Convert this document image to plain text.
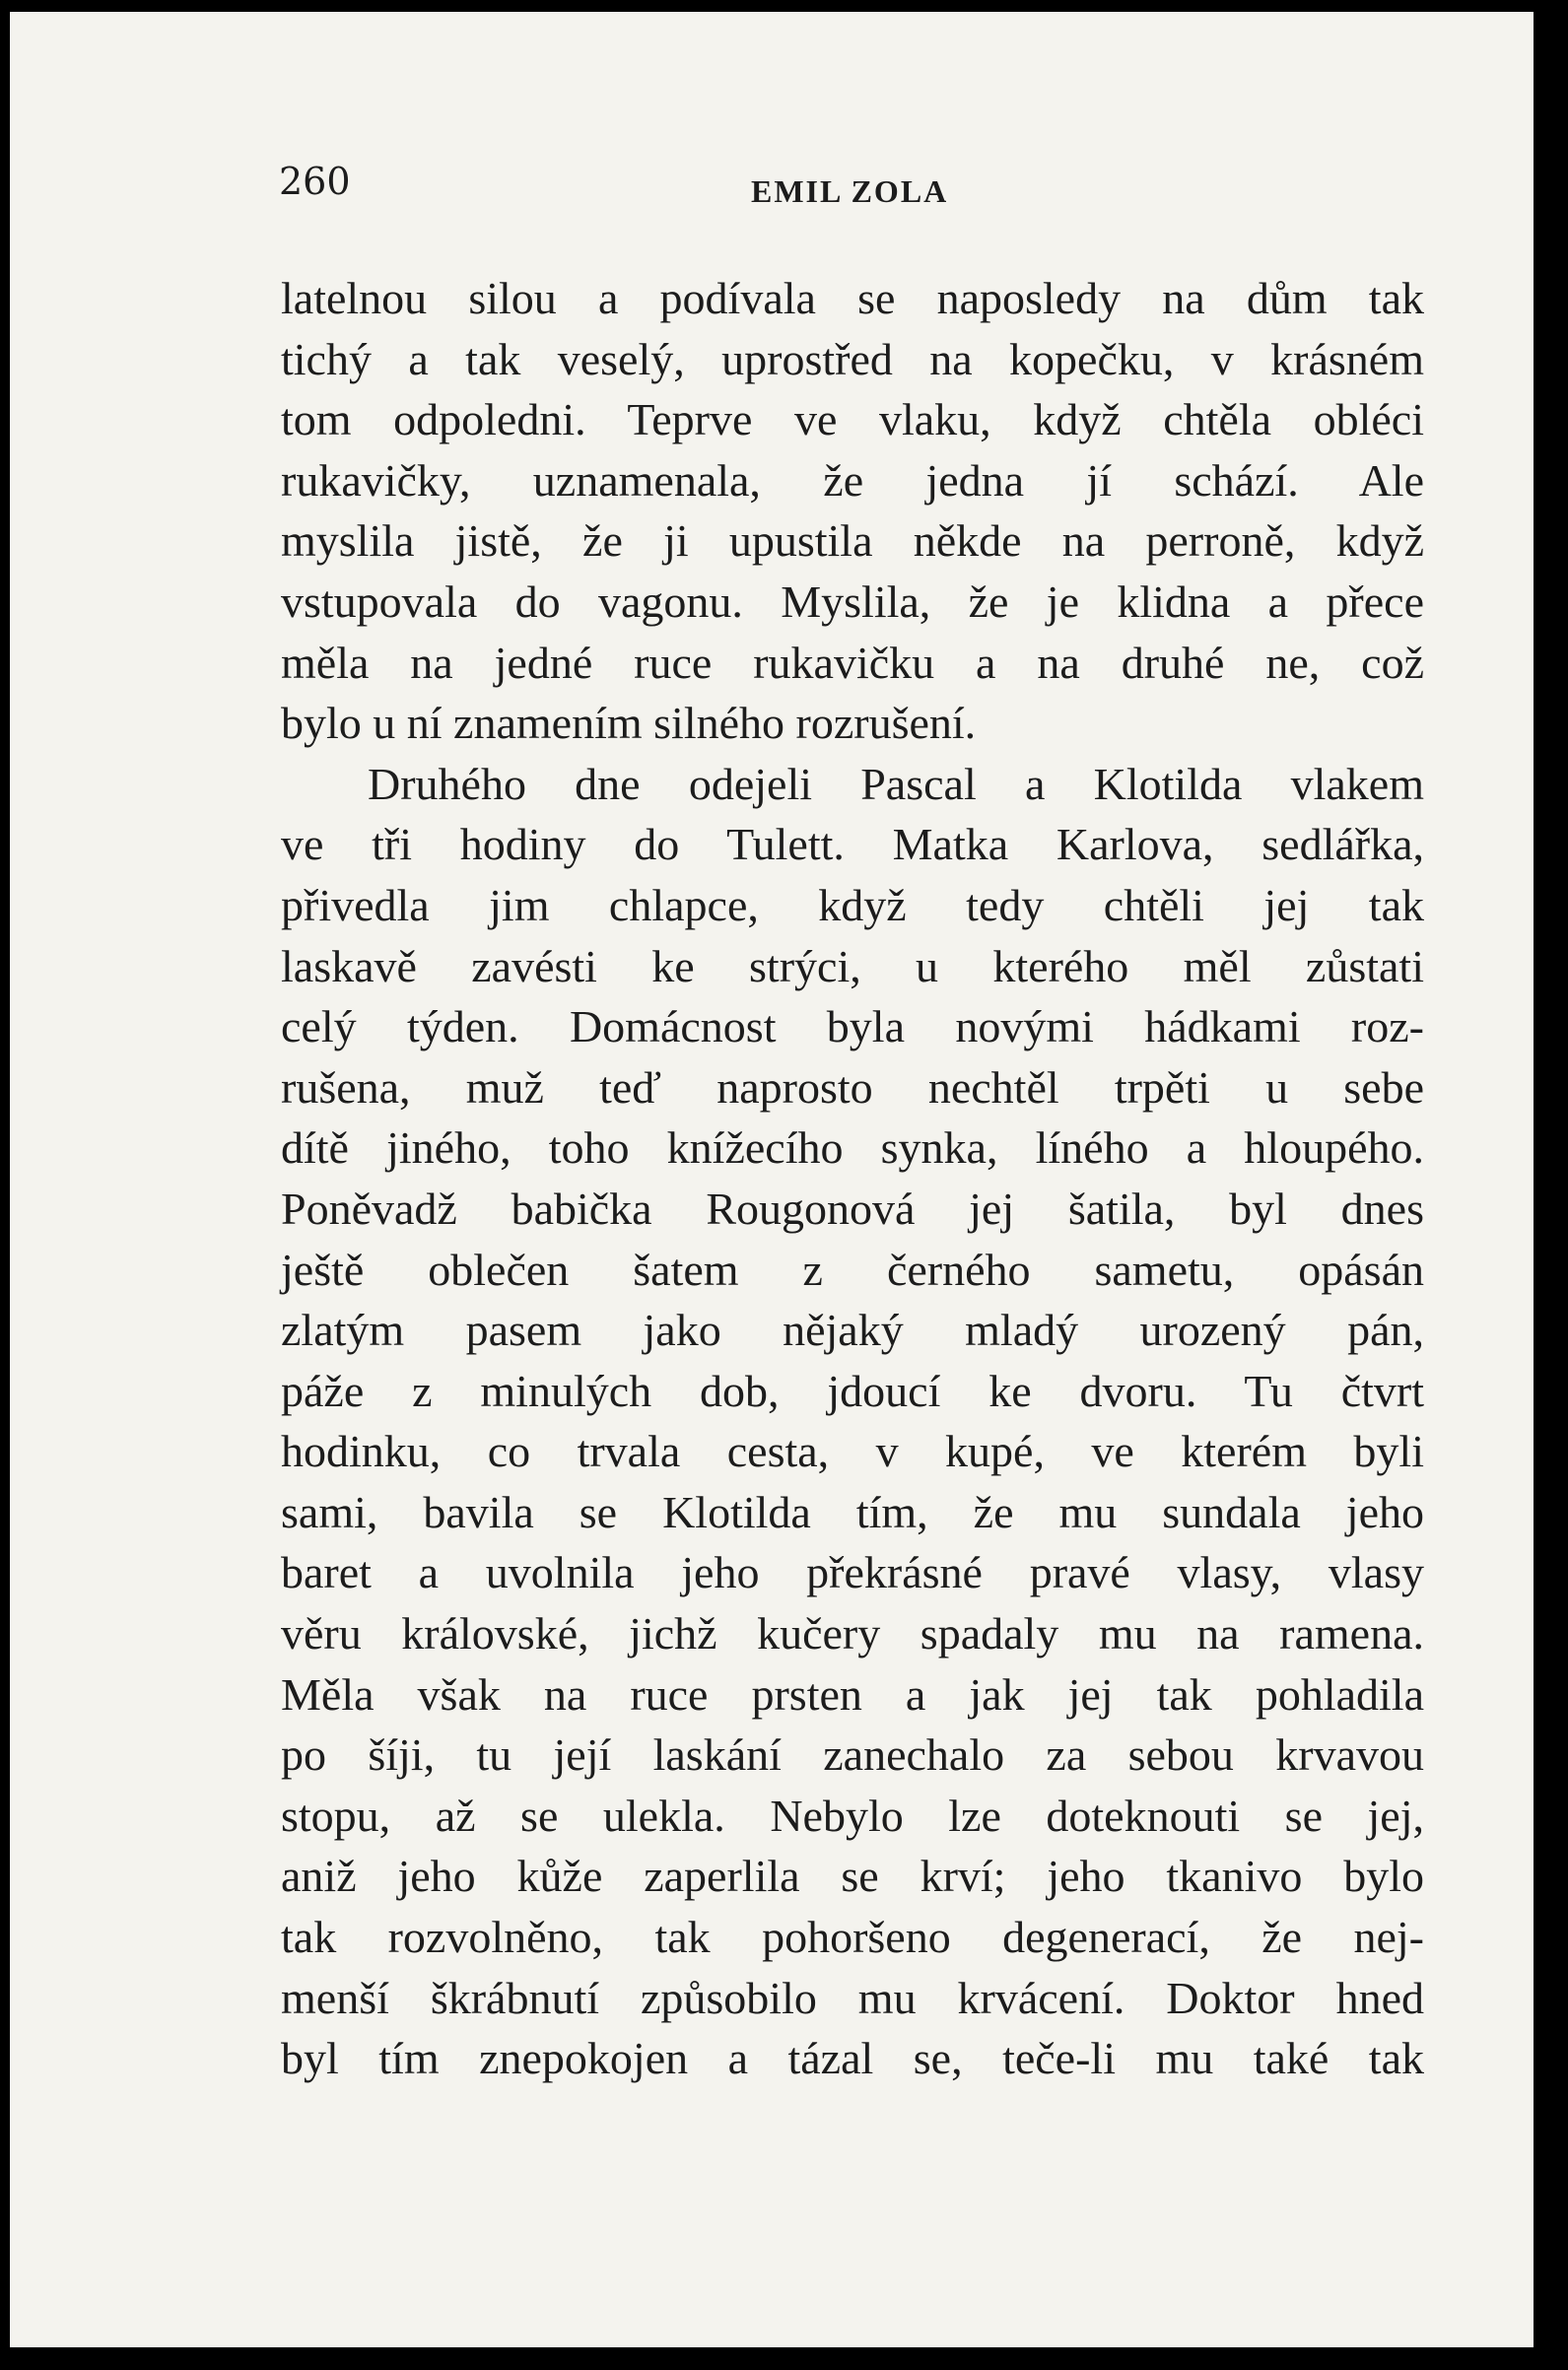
260	EMIL ZOLA
latelnou silou a podívala se naposledy na dům tak
tichý a tak veselý, uprostřed na kopečku, v krásném
tom odpoledni. Teprve ve vlaku, když chtěla obléci
rukavičky, uznamenala, že jedna jí schází. Ale
myslila jistě, že ji upustila někde na perroně, když
vstupovala do vagonu. Myslila, že je klidna a přece
měla na jedné ruce rukavičku a na druhé ne, což
bylo u ní znamením silného rozrušení.
Druhého dne odejeli Pascal a Klotilda vlakem
ve tři hodiny do Tulett. Matka Karlova, sedlářka,
přivedla jim chlapce, když tedy chtěli jej tak
laskavě zavésti ke strýci, u kterého měl zůstati
celý týden. Domácnost byla novými hádkami roz-
rušena, muž teď naprosto nechtěl trpěti u sebe
dítě jiného, toho knížecího synka, líného a hloupého.
Poněvadž babička Rougonová jej šatila, byl dnes
ještě oblečen šatem z černého sametu, opásán
zlatým pasem jako nějaký mladý urozený pán,
páže z minulých dob, jdoucí ke dvoru. Tu čtvrt
hodinku, co trvala cesta, v kupé, ve kterém byli
sami, bavila se Klotilda tím, že mu sundala jeho
baret a uvolnila jeho překrásné pravé vlasy, vlasy
věru královské, jichž kučery spadaly mu na ramena.
Měla však na ruce prsten a jak jej tak pohladila
po šíji, tu její laskání zanechalo za sebou krvavou
stopu, až se ulekla. Nebylo lze doteknouti se jej,
aniž jeho kůže zaperlila se krví; jeho tkanivo bylo
tak rozvolněno, tak pohoršeno degenerací, že nej-
menší škrábnutí způsobilo mu krvácení. Doktor hned
byl tím znepokojen a tázal se, teče-li mu také tak
